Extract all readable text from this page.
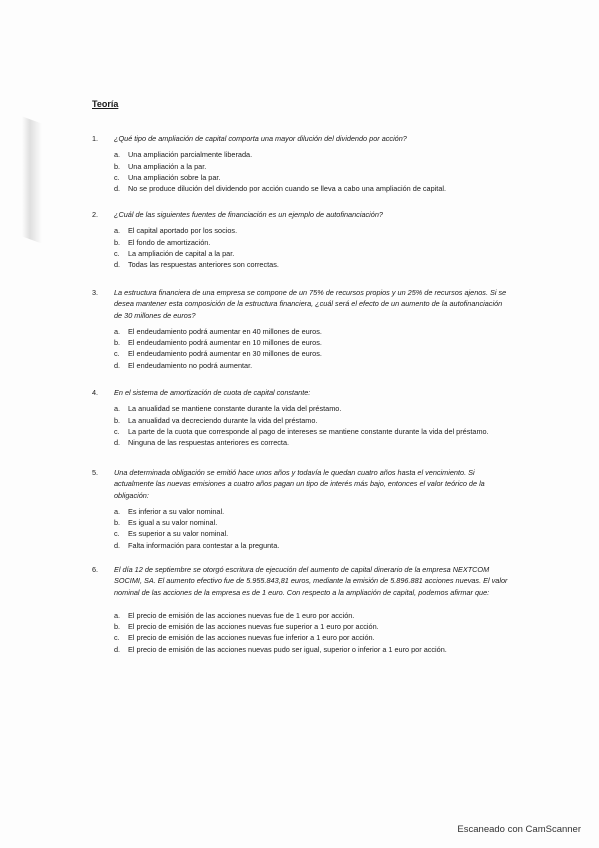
Teoría
1.	¿Qué tipo de ampliación de capital comporta una mayor dilución del dividendo por acción?
a.	Una ampliación parcialmente liberada.
b.	Una ampliación a la par.
c.	Una ampliación sobre la par.
d.	No se produce dilución del dividendo por acción cuando se lleva a cabo una ampliación de capital.
2.	¿Cuál de las siguientes fuentes de financiación es un ejemplo de autofinanciación?
a.	El capital aportado por los socios.
b.	El fondo de amortización.
c.	La ampliación de capital a la par.
d.	Todas las respuestas anteriores son correctas.
3.	La estructura financiera de una empresa se compone de un 75% de recursos propios y un 25% de recursos ajenos. Si se desea mantener esta composición de la estructura financiera, ¿cuál será el efecto de un aumento de la autofinanciación de 30 millones de euros?
a.	El endeudamiento podrá aumentar en 40 millones de euros.
b.	El endeudamiento podrá aumentar en 10 millones de euros.
c.	El endeudamiento podrá aumentar en 30 millones de euros.
d.	El endeudamiento no podrá aumentar.
4.	En el sistema de amortización de cuota de capital constante:
a.	La anualidad se mantiene constante durante la vida del préstamo.
b.	La anualidad va decreciendo durante la vida del préstamo.
c.	La parte de la cuota que corresponde al pago de intereses se mantiene constante durante la vida del préstamo.
d.	Ninguna de las respuestas anteriores es correcta.
5.	Una determinada obligación se emitió hace unos años y todavía le quedan cuatro años hasta el vencimiento. Si actualmente las nuevas emisiones a cuatro años pagan un tipo de interés más bajo, entonces el valor teórico de la obligación:
a.	Es inferior a su valor nominal.
b.	Es igual a su valor nominal.
c.	Es superior a su valor nominal.
d.	Falta información para contestar a la pregunta.
6.	El día 12 de septiembre se otorgó escritura de ejecución del aumento de capital dinerario de la empresa NEXTCOM SOCIMI, SA. El aumento efectivo fue de 5.955.843,81 euros, mediante la emisión de 5.896.881 acciones nuevas. El valor nominal de las acciones de la empresa es de 1 euro. Con respecto a la ampliación de capital, podemos afirmar que:
a.	El precio de emisión de las acciones nuevas fue de 1 euro por acción.
b.	El precio de emisión de las acciones nuevas fue superior a 1 euro por acción.
c.	El precio de emisión de las acciones nuevas fue inferior a 1 euro por acción.
d.	El precio de emisión de las acciones nuevas pudo ser igual, superior o inferior a 1 euro por acción.
Escaneado con CamScanner
